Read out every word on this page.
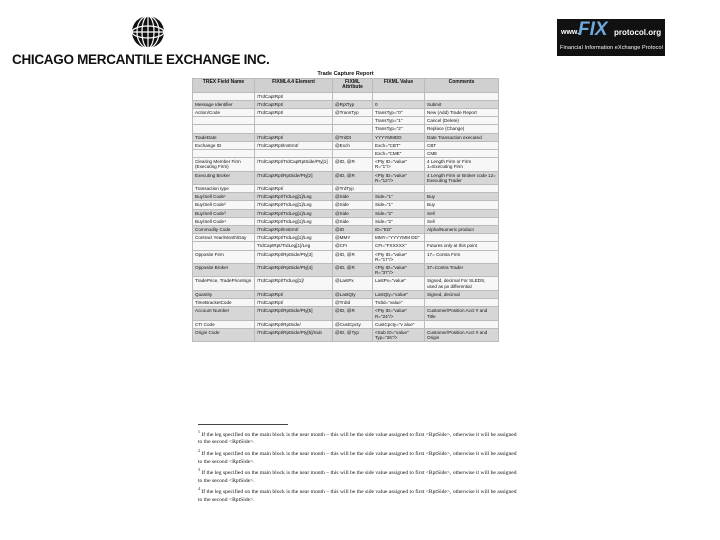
CHICAGO MERCANTILE EXCHANGE INC.
www.
FIX protocol.org
Financial Information eXchange Protocol
Trade Capture Report
TREX Field Name	FIXML4.4 Element	FIXML Attribute	FIXML Value	Comments
	/TrdCaptRpt/			
Message Identifier	/TrdCaptRpt/	@RptTyp	0	Submit
Action/Code	/TrdCaptRpt/	@TransTyp	TransTyp="0"	New (Add) Trade Report
			TransTyp="1"	Cancel (Delete)
			TransTyp="2"	Replace (Change)
TradeDate	/TrdCaptRpt/	@TrdDt	YYYYMMDD	Date Transaction executed
Exchange ID	/TrdCaptRpt/Instrmt/	@Exch	Exch="CBT"	CBT
			Exch="CME"	CME
Clearing Member Firm (Executing Firm)	/TrdCaptRpt/TrdCapRptSide/Pty[1]	@ID, @R	<Pty ID="value" R="1"/>	4 Length Firm or Firm 1=Executing Firm
Executing Broker	/TrdCaptRpt/RptSide/Pty[2]	@ID, @R	<Pty ID="value" R="12"/>	4 Length Firm or Broker code 12= Executing Trader
Transaction type	/TrdCaptRpt/	@TrdTyp		
Buy/Sell Code¹	/TrdCaptRpt/TrdLeg[1]/Leg	@Side	Side="1"	Buy
Buy/Sell Code²	/TrdCaptRpt/TrdLeg[1]/Leg	@Side	Side="1"	Buy
Buy/Sell Code³	/TrdCaptRpt/TrdLeg[1]/Leg	@Side	Side="2"	Sell
Buy/Sell Code⁴	/TrdCaptRpt/TrdLeg[1]/Leg	@Side	Side="2"	Sell
Commodity Code	/TrdCaptRpt/Instrmt/	@ID	ID="ED"	Alpha/Numeric product
Contract Year/Month/Day	/TrdCaptRpt/TrdLeg[1]/Leg	@MMY	MMY="YYYYMM DD"	
	TrdCaptRpt/TrdLeg[1]/Leg	@CFI	CFI="FXXXXX"	Futures only at this point
Opposite Firm	/TrdCaptRpt/RptSide/Pty[3]	@ID, @R	<Pty ID="value" R="17"/>	17= Contra Firm
Opposite Broker	/TrdCaptRpt/RptSide/Pty[4]	@ID, @R	<Pty ID="value" R="37"/>	37=Contra Trader
TradePrice, TradePriceSign	/TrdCaptRpt/TrdLeg[1]/	@LastPx	LastPx="value"	Signed, decimal For SLEDS, used as px differential
Quantity	/TrdCaptRpt/	@LastQty	LastQty="value"	Signed, decimal
TimeBracketCode	/TrdCaptRpt/	@TrdId	TrdId="value"	
Account Number	/TrdCaptRpt/RptSide/Pty[5]	@ID, @R	<Pty ID="value" R="24"/>	Customer/Position Acct # and Title
CTI Code	/TrdCaptRpt/RptSide/	@CustCpcty	CustCpcty="v alue"	
Origin Code	/TrdCaptRpt/RptSide/Pty[5]/Sub	@ID, @Typ	<Sub ID="value" Typ="26"/>	Customer/Position Acct # and Origin

$^1$ If the leg specified on the main block is the near month – this will be the side value assigned to first <RptSide>, otherwise it will be assigned to the second <RptSide>.

$^2$ If the leg specified on the main block is the near month – this will be the side value assigned to first <RptSide>, otherwise it will be assigned to the second <RptSide>.

$^3$ If the leg specified on the main block is the near month – this will be the side value assigned to first <RptSide>, otherwise it will be assigned to the second <RptSide>.

$^4$ If the leg specified on the main block is the near month – this will be the side value assigned to first <RptSide>, otherwise it will be assigned to the second <RptSide>.
